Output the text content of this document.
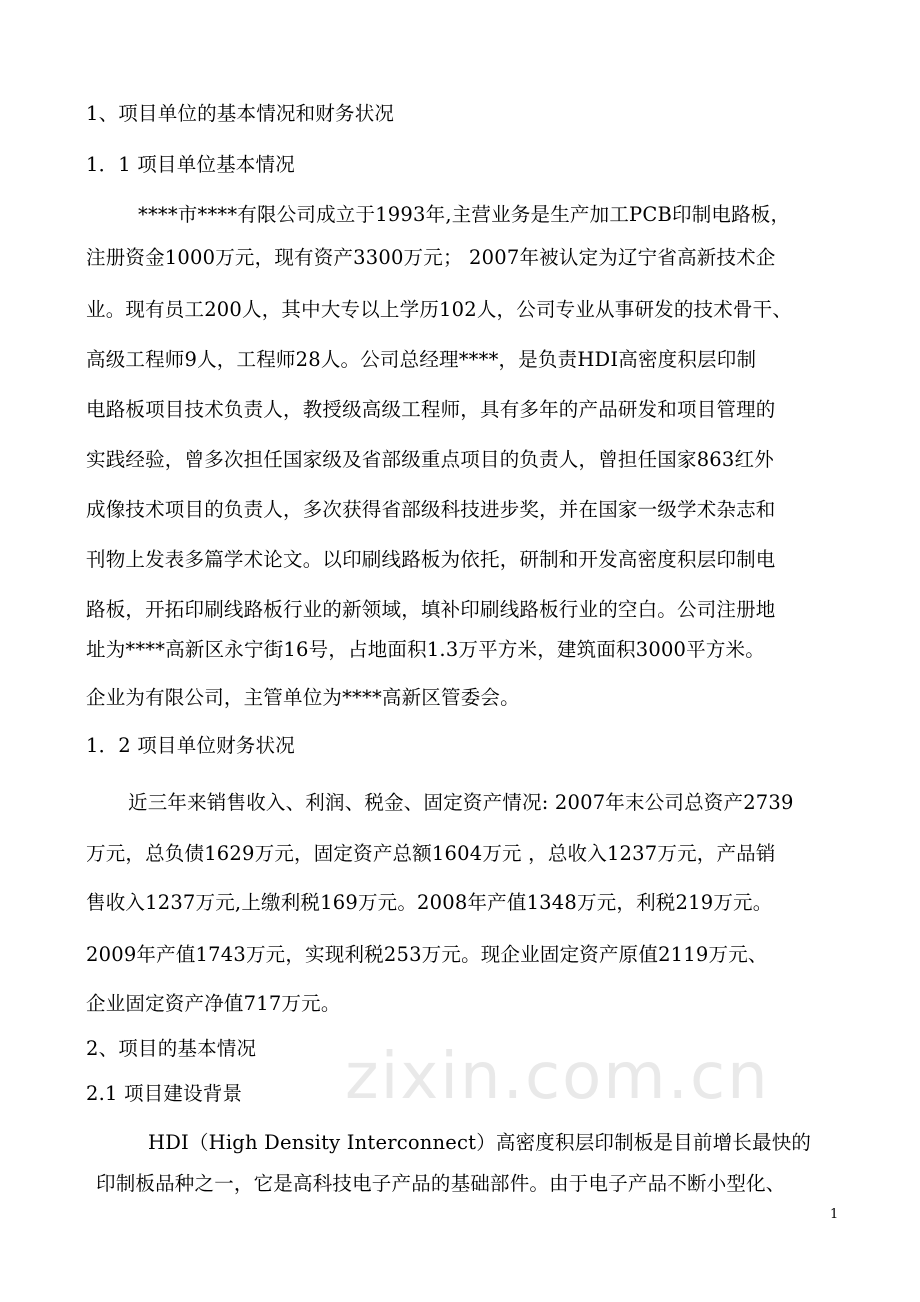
1、项目单位的基本情况和财务状况
1．1 项目单位基本情况
****市****有限公司成立于1993年,主营业务是生产加工PCB印制电路板，
注册资金1000万元，现有资产3300万元； 2007年被认定为辽宁省高新技术企
业。现有员工200人，其中大专以上学历102人，公司专业从事研发的技术骨干、
高级工程师9人，工程师28人。公司总经理****，是负责HDI高密度积层印制
电路板项目技术负责人，教授级高级工程师，具有多年的产品研发和项目管理的
实践经验，曾多次担任国家级及省部级重点项目的负责人，曾担任国家863红外
成像技术项目的负责人，多次获得省部级科技进步奖，并在国家一级学术杂志和
刊物上发表多篇学术论文。以印刷线路板为依托，研制和开发高密度积层印制电
路板，开拓印刷线路板行业的新领域，填补印刷线路板行业的空白。公司注册地
址为****高新区永宁街16号，占地面积1.3万平方米，建筑面积3000平方米。
企业为有限公司，主管单位为****高新区管委会。
1．2 项目单位财务状况
近三年来销售收入、利润、税金、固定资产情况: 2007年末公司总资产2739
万元，总负债1629万元，固定资产总额1604万元 ，总收入1237万元，产品销
售收入1237万元,上缴利税169万元。2008年产值1348万元，利税219万元。
2009年产值1743万元，实现利税253万元。现企业固定资产原值2119万元、
企业固定资产净值717万元。
2、项目的基本情况
2.1 项目建设背景 zixin.com.cn
HDI（High Density Interconnect）高密度积层印制板是目前增长最快的
印制板品种之一，它是高科技电子产品的基础部件。由于电子产品不断小型化、
1
